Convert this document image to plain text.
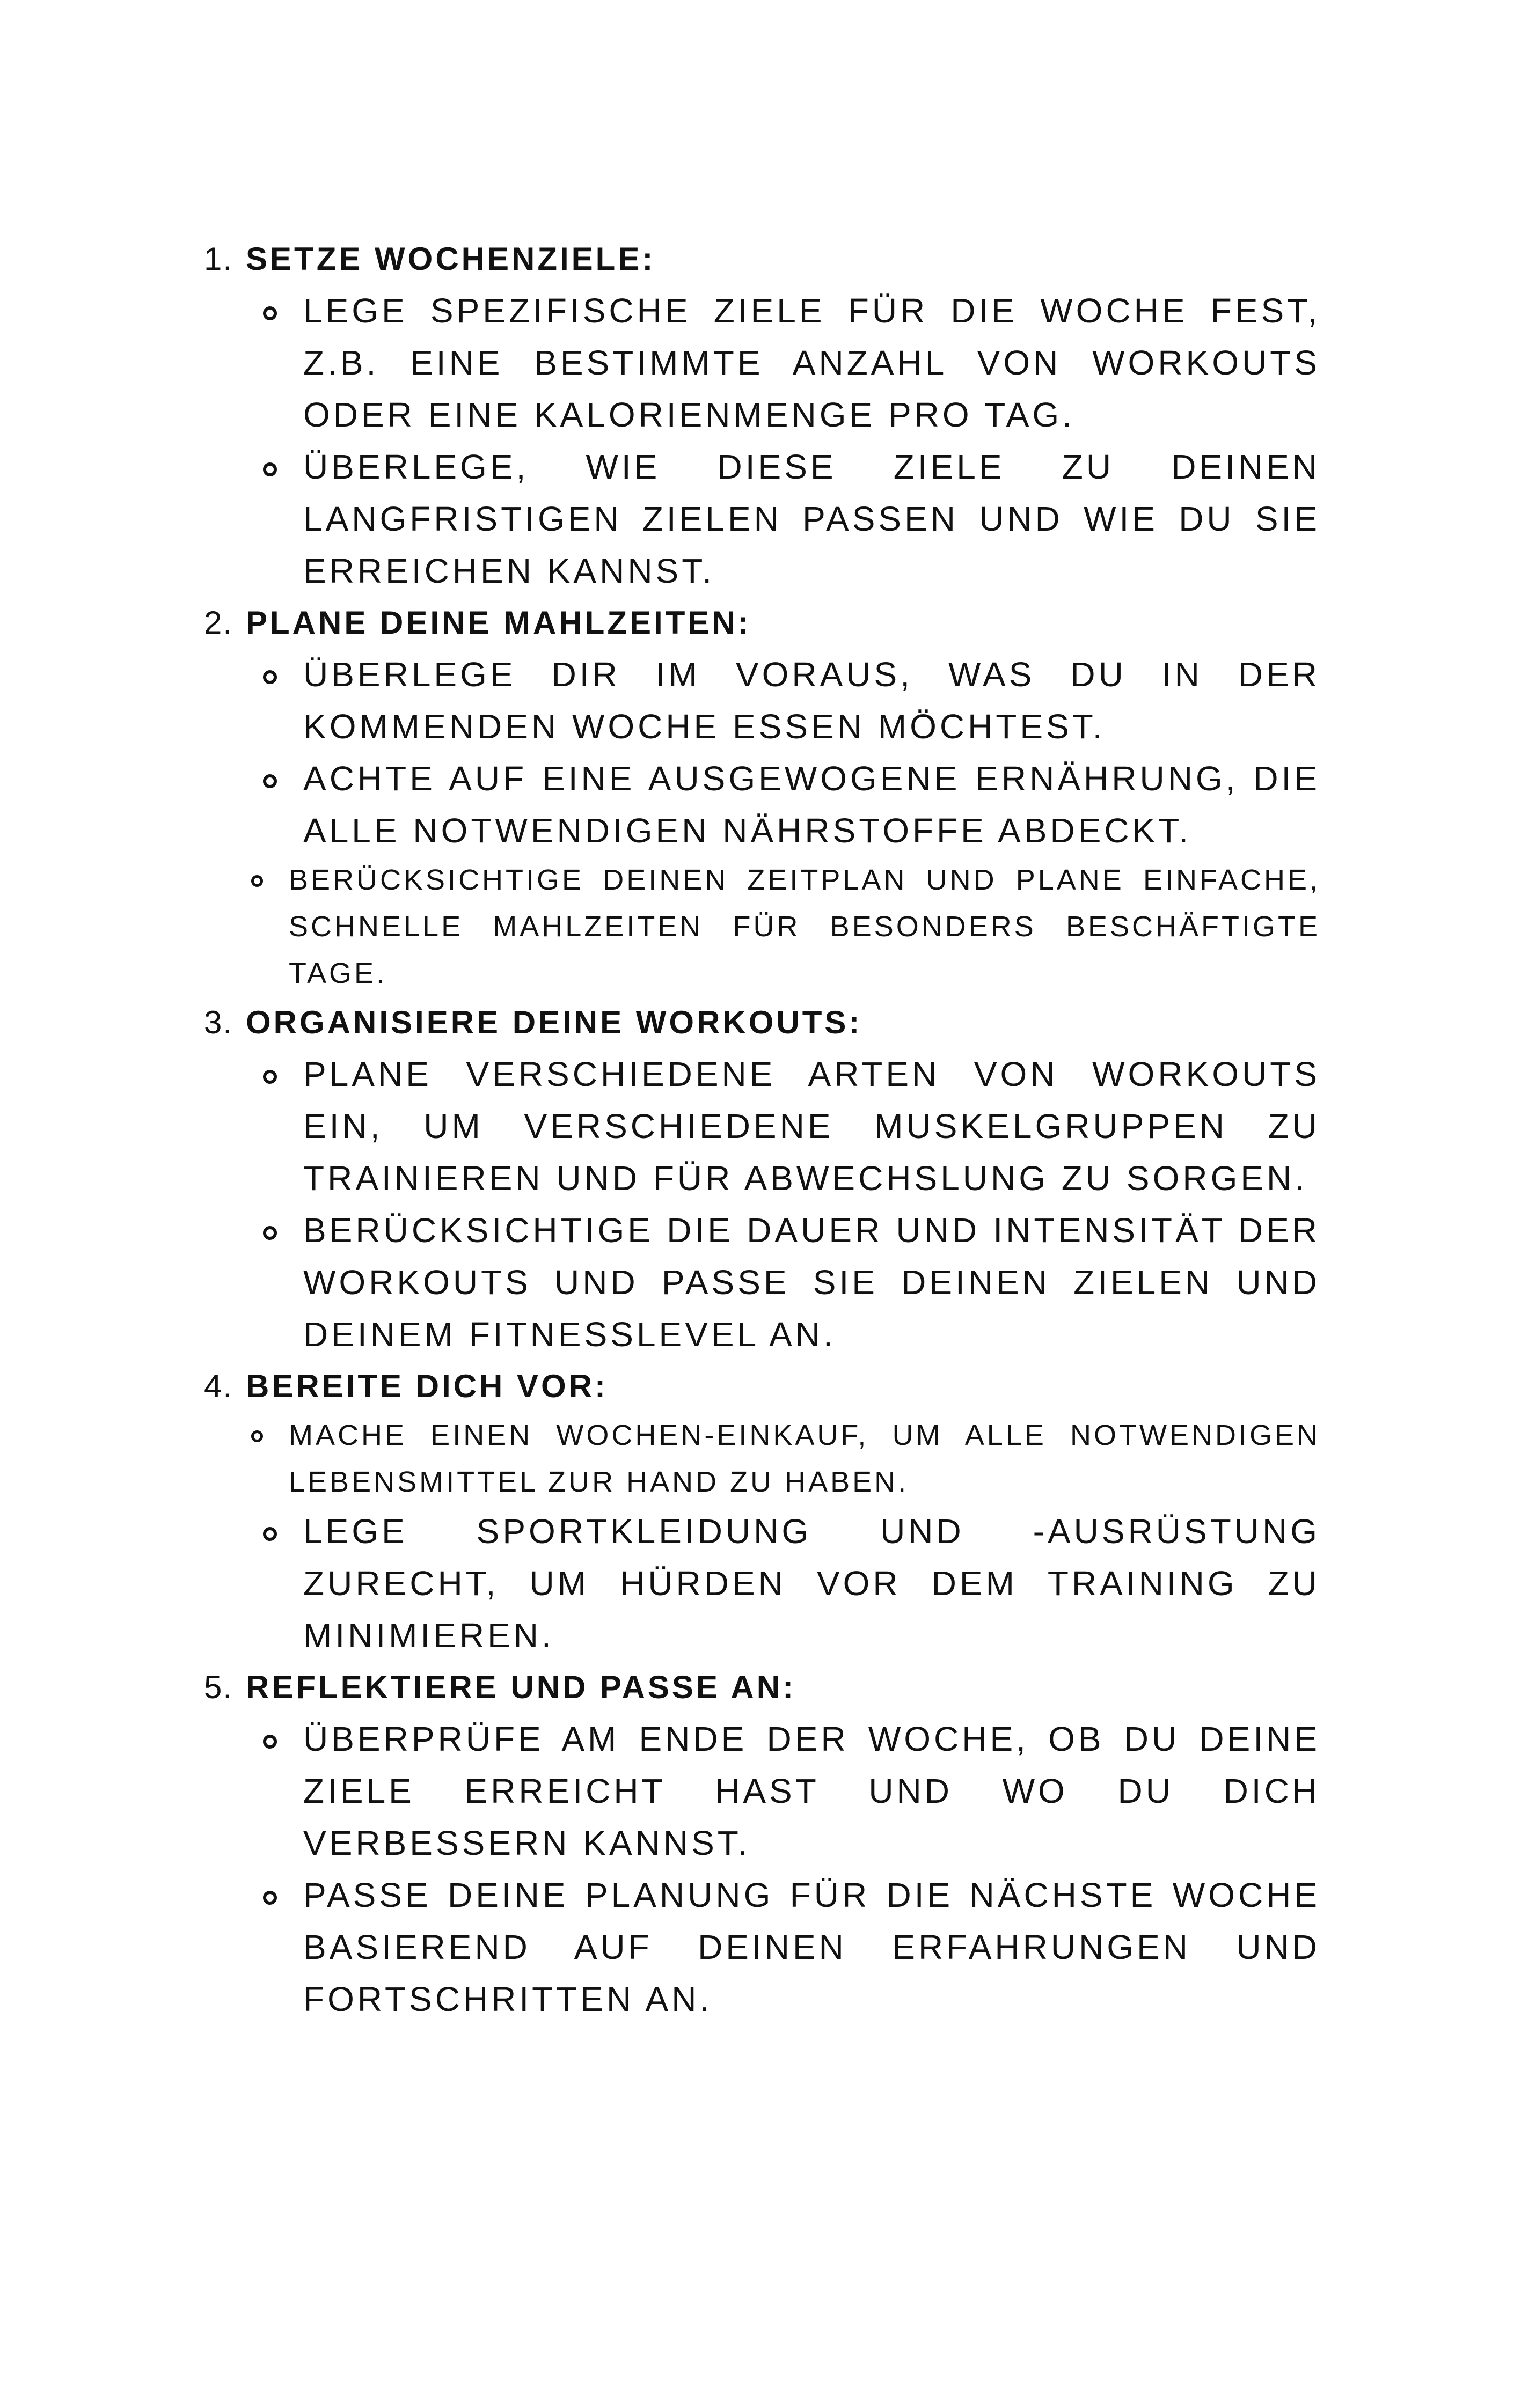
1. SETZE WOCHENZIELE:
LEGE SPEZIFISCHE ZIELE FÜR DIE WOCHE FEST, Z.B. EINE BESTIMMTE ANZAHL VON WORKOUTS ODER EINE KALORIENMENGE PRO TAG.
ÜBERLEGE, WIE DIESE ZIELE ZU DEINEN LANGFRISTIGEN ZIELEN PASSEN UND WIE DU SIE ERREICHEN KANNST.
2. PLANE DEINE MAHLZEITEN:
ÜBERLEGE DIR IM VORAUS, WAS DU IN DER KOMMENDEN WOCHE ESSEN MÖCHTEST.
ACHTE AUF EINE AUSGEWOGENE ERNÄHRUNG, DIE ALLE NOTWENDIGEN NÄHRSTOFFE ABDECKT.
BERÜCKSICHTIGE DEINEN ZEITPLAN UND PLANE EINFACHE, SCHNELLE MAHLZEITEN FÜR BESONDERS BESCHÄFTIGTE TAGE.
3. ORGANISIERE DEINE WORKOUTS:
PLANE VERSCHIEDENE ARTEN VON WORKOUTS EIN, UM VERSCHIEDENE MUSKELGRUPPEN ZU TRAINIEREN UND FÜR ABWECHSLUNG ZU SORGEN.
BERÜCKSICHTIGE DIE DAUER UND INTENSITÄT DER WORKOUTS UND PASSE SIE DEINEN ZIELEN UND DEINEM FITNESSLEVEL AN.
4. BEREITE DICH VOR:
MACHE EINEN WOCHEN-EINKAUF, UM ALLE NOTWENDIGEN LEBENSMITTEL ZUR HAND ZU HABEN.
LEGE SPORTKLEIDUNG UND -AUSRÜSTUNG ZURECHT, UM HÜRDEN VOR DEM TRAINING ZU MINIMIEREN.
5. REFLEKTIERE UND PASSE AN:
ÜBERPRÜFE AM ENDE DER WOCHE, OB DU DEINE ZIELE ERREICHT HAST UND WO DU DICH VERBESSERN KANNST.
PASSE DEINE PLANUNG FÜR DIE NÄCHSTE WOCHE BASIEREND AUF DEINEN ERFAHRUNGEN UND FORTSCHRITTEN AN.
